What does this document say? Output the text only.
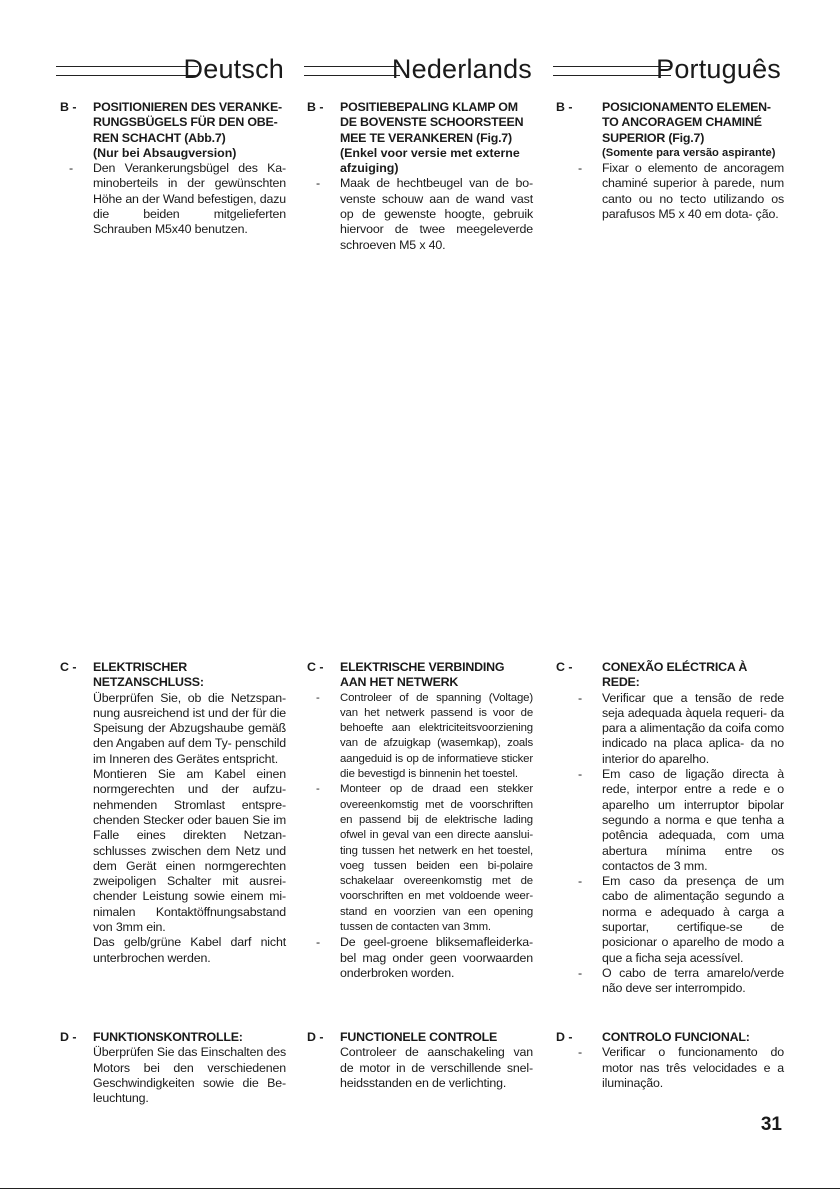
Deutsch	Nederlands	Português
B -	POSITIONIEREN DES VERANKE- RUNGSBÜGELS FÜR DEN OBE- REN SCHACHT (Abb.7)
(Nur bei Absaugversion)
- Den Verankerungsbügel des Ka- minoberteils in der gewünschten Höhe an der Wand befestigen, dazu die beiden mitgelieferten Schrauben M5x40 benutzen.
C -	ELEKTRISCHER NETZANSCHLUSS:
Überprüfen Sie, ob die Netzspan- nung ausreichend ist und der für die Speisung der Abzugshaube gemäß den Angaben auf dem Ty- penschild im Inneren des Gerätes entspricht.
Montieren Sie am Kabel einen normgerechten und der aufzu- nehmenden Stromlast entspre- chenden Stecker oder bauen Sie im Falle eines direkten Netzan- schlusses zwischen dem Netz und dem Gerät einen normgerechten zweipoligen Schalter mit ausrei- chender Leistung sowie einem mi- nimalen Kontaktöffnungsabstand von 3mm ein.
Das gelb/grüne Kabel darf nicht unterbrochen werden.
D -	FUNKTIONSKONTROLLE:
Überprüfen Sie das Einschalten des Motors bei den verschiedenen Geschwindigkeiten sowie die Be- leuchtung.
B -	POSITIEBEPALING KLAMP OM DE BOVENSTE SCHOORSTEEN MEE TE VERANKEREN (Fig.7)
(Enkel voor versie met externe afzuiging)
- Maak de hechtbeugel van de bo- venste schouw aan de wand vast op de gewenste hoogte, gebruik hiervoor de twee meegeleverde schroeven M5 x 40.
C -	ELEKTRISCHE VERBINDING AAN HET NETWERK
- Controleer of de spanning (Voltage) van het netwerk passend is voor de behoefte aan elektriciteitsvoorziening van de afzuigkap (wasemkap), zoals aangeduid is op de informatieve sticker die bevestigd is binnenin het toestel.
- Monteer op de draad een stekker overeenkomstig met de voorschriften en passend bij de elektrische lading ofwel in geval van een directe aanslui- ting tussen het netwerk en het toestel, voeg tussen beiden een bi-polaire schakelaar overeenkomstig met de voorschriften en met voldoende weer- stand en voorzien van een opening tussen de contacten van 3mm.
- De geel-groene bliksemafleiderka- bel mag onder geen voorwaarden onderbroken worden.
D -	FUNCTIONELE CONTROLE
Controleer de aanschakeling van de motor in de verschillende snel- heidsstanden en de verlichting.
B -	POSICIONAMENTO ELEMEN- TO ANCORAGEM CHAMINÉ SUPERIOR (Fig.7)
(Somente para versão aspirante)
- Fixar o elemento de ancoragem chaminé superior à parede, num canto ou no tecto utilizando os parafusos M5 x 40 em dota- ção.
C -	CONEXÃO ELÉCTRICA À REDE:
- Verificar que a tensão de rede seja adequada àquela requeri- da para a alimentação da coifa como indicado na placa aplica- da no interior do aparelho.
- Em caso de ligação directa à rede, interpor entre a rede e o aparelho um interruptor bipolar segundo a norma e que tenha a potência adequada, com uma abertura mínima entre os contactos de 3 mm.
- Em caso da presença de um cabo de alimentação segundo a norma e adequado à carga a suportar, certifique-se de posicionar o aparelho de modo a que a ficha seja acessível.
- O cabo de terra amarelo/verde não deve ser interrompido.
D -	CONTROLO FUNCIONAL:
- Verificar o funcionamento do motor nas três velocidades e a iluminação.
31
